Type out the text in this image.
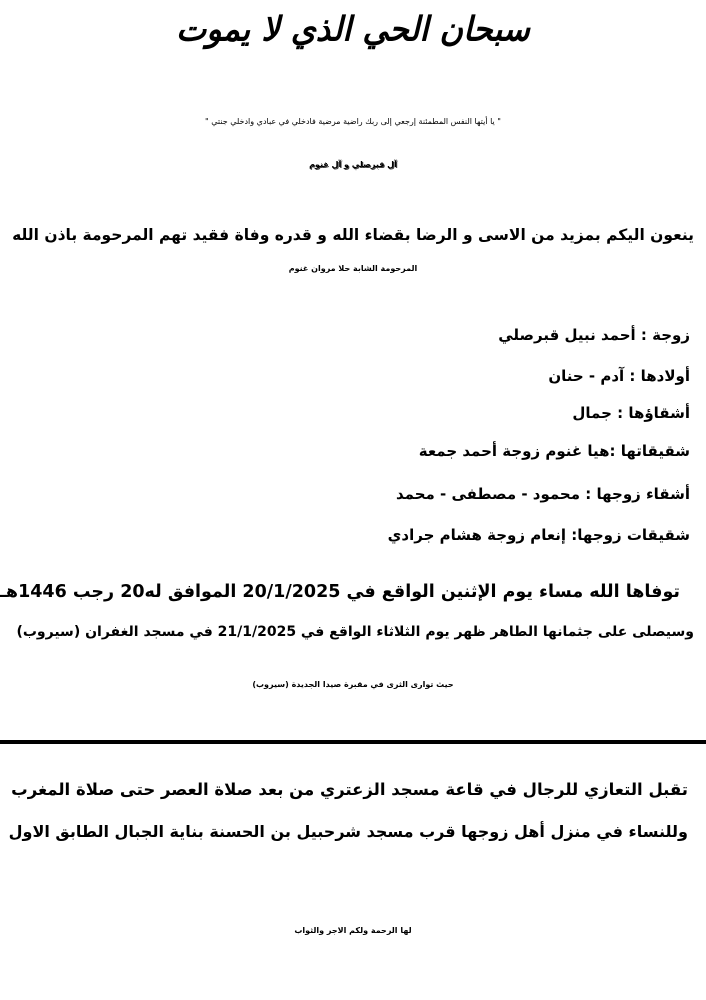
سبحان الحي الذي لا يموت
" يا أيتها النفس المطمئنة إرجعي إلى ربك راضية مرضية فادخلي في عبادي وادخلي جنتي "
آل قبرصلي و آل غنوم
ينعون اليكم بمزيد من الاسى و الرضا بقضاء الله و قدره وفاة فقيد تهم المرحومة باذن الله
المرحومة الشابة حلا مروان غنوم
زوجة : أحمد نبيل قبرصلي
أولادها : آدم - حنان
أشقاؤها : جمال
شقيقاتها :هيا غنوم زوجة أحمد جمعة
أشقاء زوجها : محمود - مصطفى - محمد
شقيقات زوجها: إنعام زوجة هشام جرادي
توفاها الله مساء يوم الإثنين الواقع في 20/1/2025 الموافق له20 رجب 1446هـ
وسيصلى على جثمانها الطاهر ظهر يوم الثلاثاء الواقع في 21/1/2025 في مسجد الغفران (سيروب)
حيث توارى الثرى في مقبرة صيدا الجديدة (سيروب)
تقبل التعازي للرجال في قاعة مسجد الزعتري من بعد صلاة العصر حتى صلاة المغرب
وللنساء في منزل أهل زوجها قرب مسجد شرحبيل بن الحسنة بناية الجبال الطابق الاول
لها الرحمة ولكم الاجر والثواب
